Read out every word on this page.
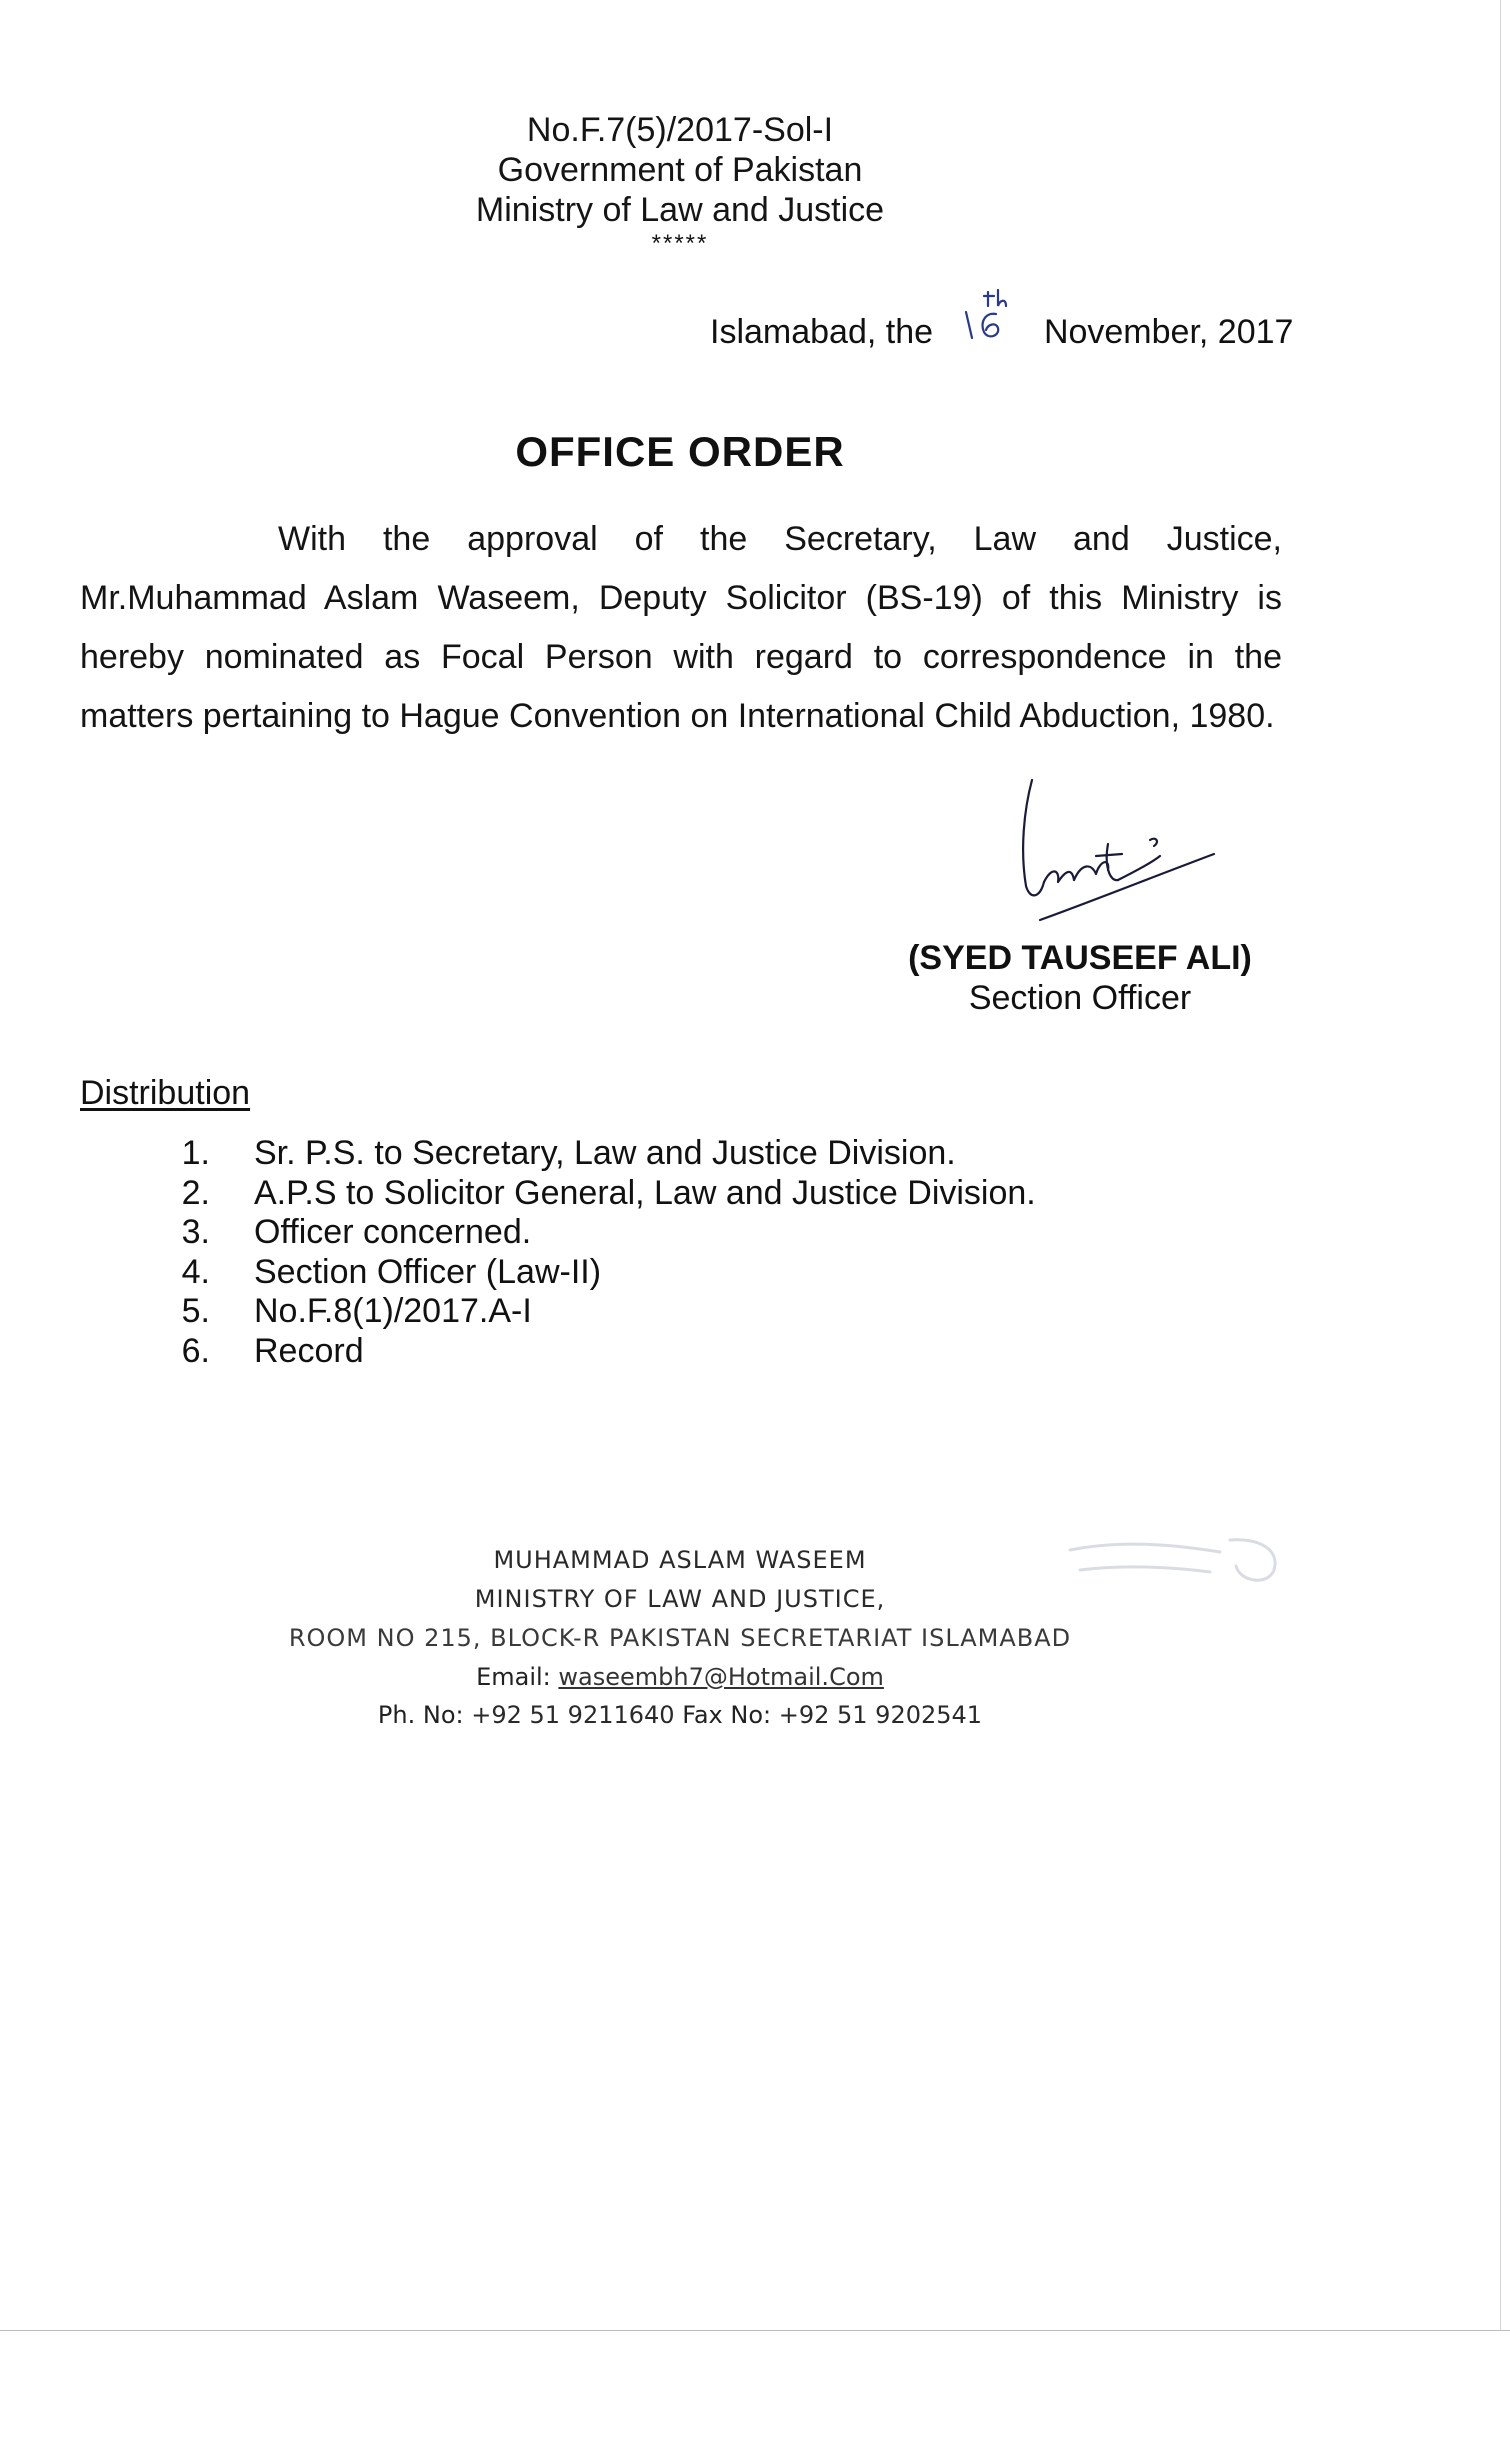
No.F.7(5)/2017-Sol-I
Government of Pakistan
Ministry of Law and Justice
*****
Islamabad, the	November, 2017
OFFICE ORDER
With the approval of the Secretary, Law and Justice, Mr.Muhammad Aslam Waseem, Deputy Solicitor (BS-19) of this Ministry is hereby nominated as Focal Person with regard to correspondence in the matters pertaining to Hague Convention on International Child Abduction, 1980.
(SYED TAUSEEF ALI)
Section Officer
Distribution
1. Sr. P.S. to Secretary, Law and Justice Division.
2. A.P.S to Solicitor General, Law and Justice Division.
3. Officer concerned.
4. Section Officer (Law-II)
5. No.F.8(1)/2017.A-I
6. Record
MUHAMMAD ASLAM WASEEM
MINISTRY OF LAW AND JUSTICE,
ROOM NO 215, BLOCK-R PAKISTAN SECRETARIAT ISLAMABAD
Email: waseembh7@Hotmail.Com
Ph. No: +92 51 9211640 Fax No: +92 51 9202541
